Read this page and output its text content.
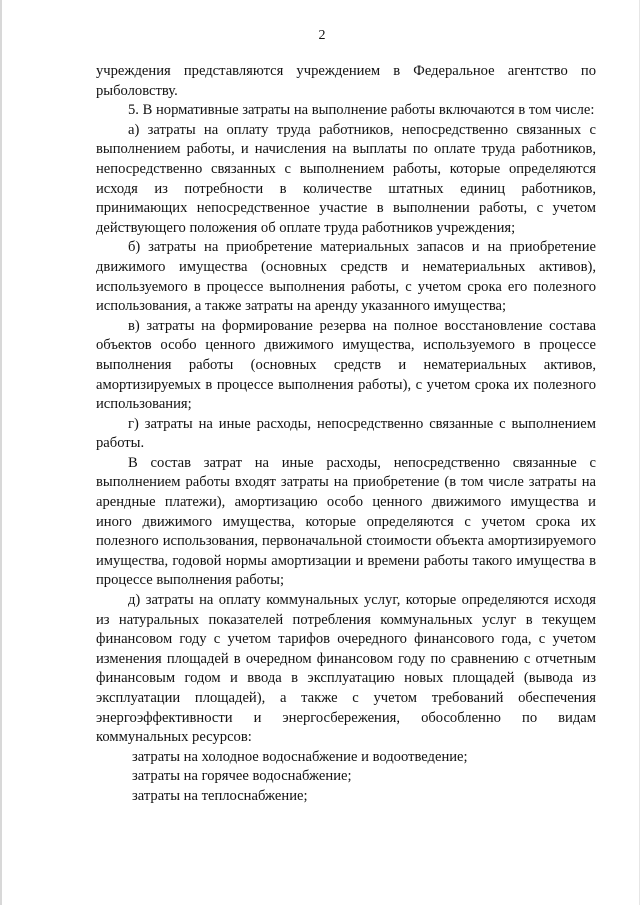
2

учреждения представляются учреждением в Федеральное агентство по рыболовству.

5. В нормативные затраты на выполнение работы включаются в том числе:

а) затраты на оплату труда работников, непосредственно связанных с выполнением работы, и начисления на выплаты по оплате труда работников, непосредственно связанных с выполнением работы, которые определяются исходя из потребности в количестве штатных единиц работников, принимающих непосредственное участие в выполнении работы, с учетом действующего положения об оплате труда работников учреждения;

б) затраты на приобретение материальных запасов и на приобретение движимого имущества (основных средств и нематериальных активов), используемого в процессе выполнения работы, с учетом срока его полезного использования, а также затраты на аренду указанного имущества;

в) затраты на формирование резерва на полное восстановление состава объектов особо ценного движимого имущества, используемого в процессе выполнения работы (основных средств и нематериальных активов, амортизируемых в процессе выполнения работы), с учетом срока их полезного использования;

г) затраты на иные расходы, непосредственно связанные с выполнением работы.

В состав затрат на иные расходы, непосредственно связанные с выполнением работы входят затраты на приобретение (в том числе затраты на арендные платежи), амортизацию особо ценного движимого имущества и иного движимого имущества, которые определяются с учетом срока их полезного использования, первоначальной стоимости объекта амортизируемого имущества, годовой нормы амортизации и времени работы такого имущества в процессе выполнения работы;

д) затраты на оплату коммунальных услуг, которые определяются исходя из натуральных показателей потребления коммунальных услуг в текущем финансовом году с учетом тарифов очередного финансового года, с учетом изменения площадей в очередном финансовом году по сравнению с отчетным финансовым годом и ввода в эксплуатацию новых площадей (вывода из эксплуатации площадей), а также с учетом требований обеспечения энергоэффективности и энергосбережения, обособленно по видам коммунальных ресурсов:

затраты на холодное водоснабжение и водоотведение;

затраты на горячее водоснабжение;

затраты на теплоснабжение;
